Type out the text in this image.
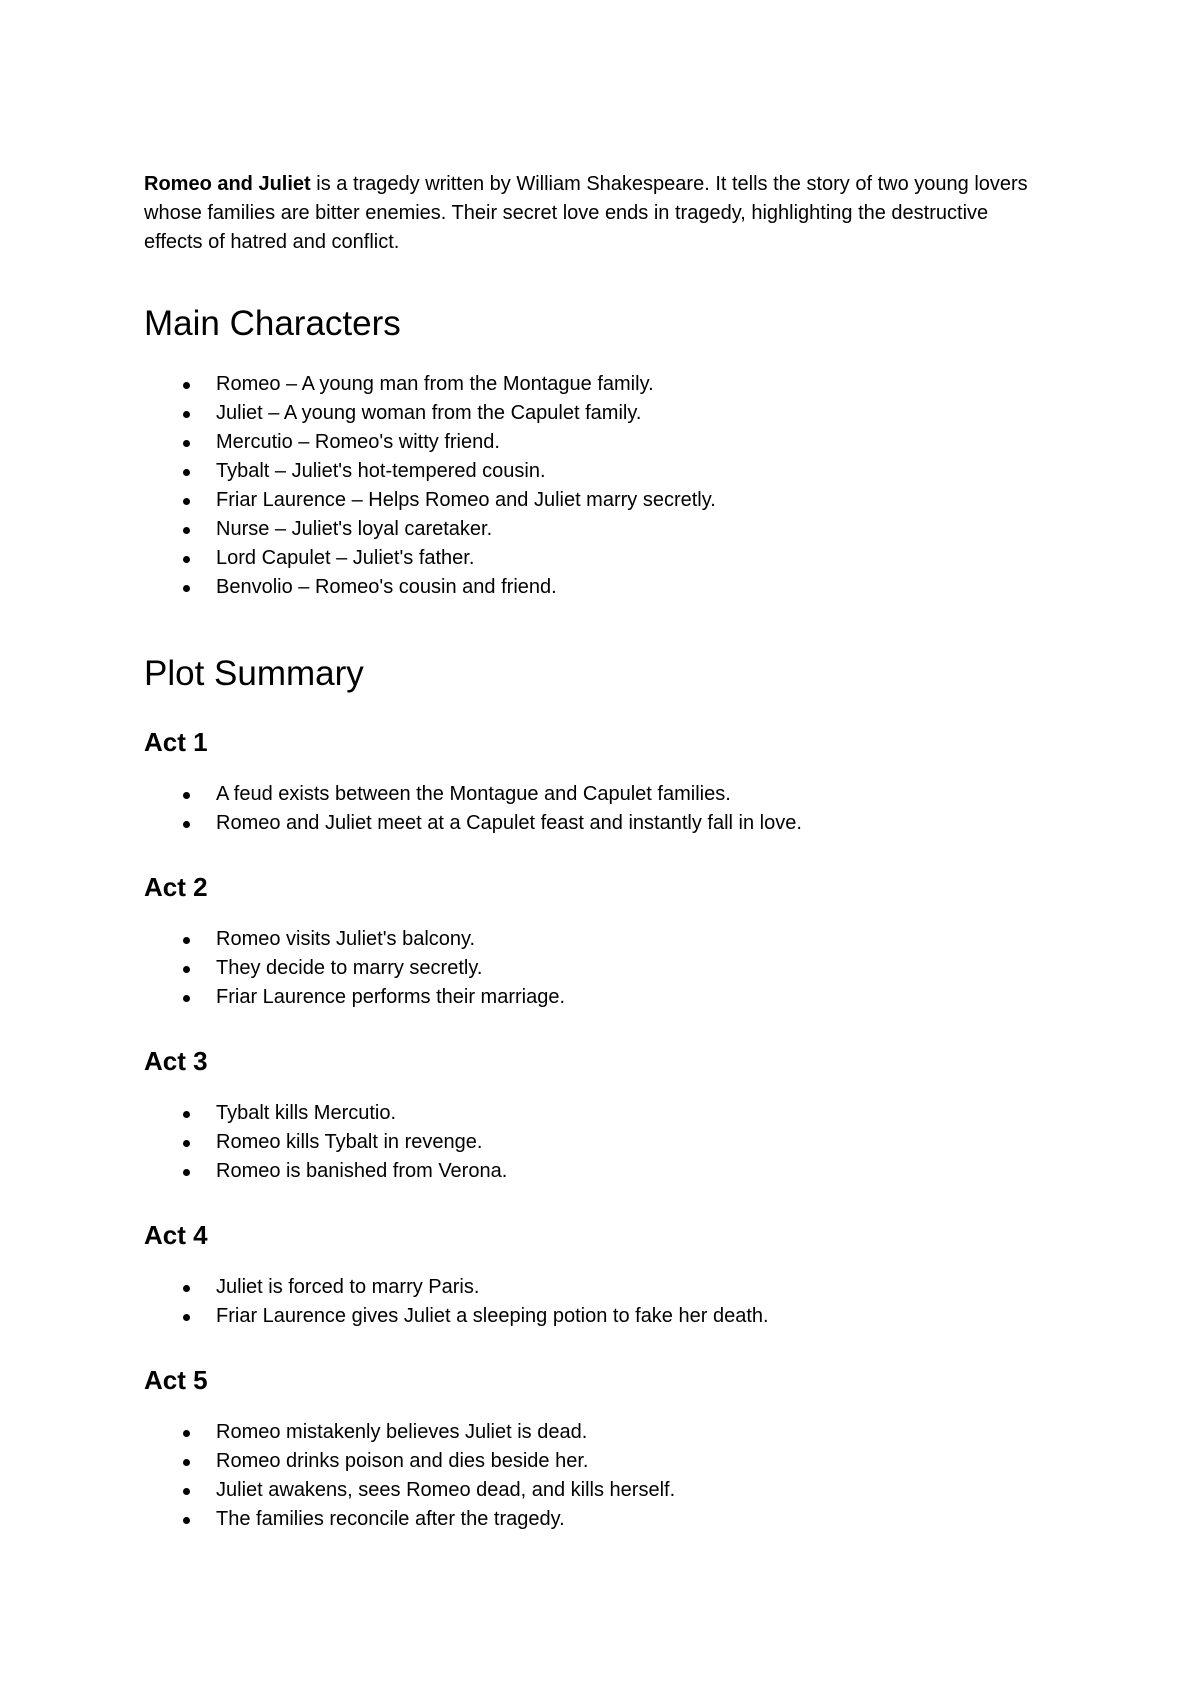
Romeo and Juliet is a tragedy written by William Shakespeare. It tells the story of two young lovers whose families are bitter enemies. Their secret love ends in tragedy, highlighting the destructive effects of hatred and conflict.

Main Characters
Romeo – A young man from the Montague family.
Juliet – A young woman from the Capulet family.
Mercutio – Romeo's witty friend.
Tybalt – Juliet's hot-tempered cousin.
Friar Laurence – Helps Romeo and Juliet marry secretly.
Nurse – Juliet's loyal caretaker.
Lord Capulet – Juliet's father.
Benvolio – Romeo's cousin and friend.
Plot Summary
Act 1
A feud exists between the Montague and Capulet families.
Romeo and Juliet meet at a Capulet feast and instantly fall in love.
Act 2
Romeo visits Juliet's balcony.
They decide to marry secretly.
Friar Laurence performs their marriage.
Act 3
Tybalt kills Mercutio.
Romeo kills Tybalt in revenge.
Romeo is banished from Verona.
Act 4
Juliet is forced to marry Paris.
Friar Laurence gives Juliet a sleeping potion to fake her death.
Act 5
Romeo mistakenly believes Juliet is dead.
Romeo drinks poison and dies beside her.
Juliet awakens, sees Romeo dead, and kills herself.
The families reconcile after the tragedy.
